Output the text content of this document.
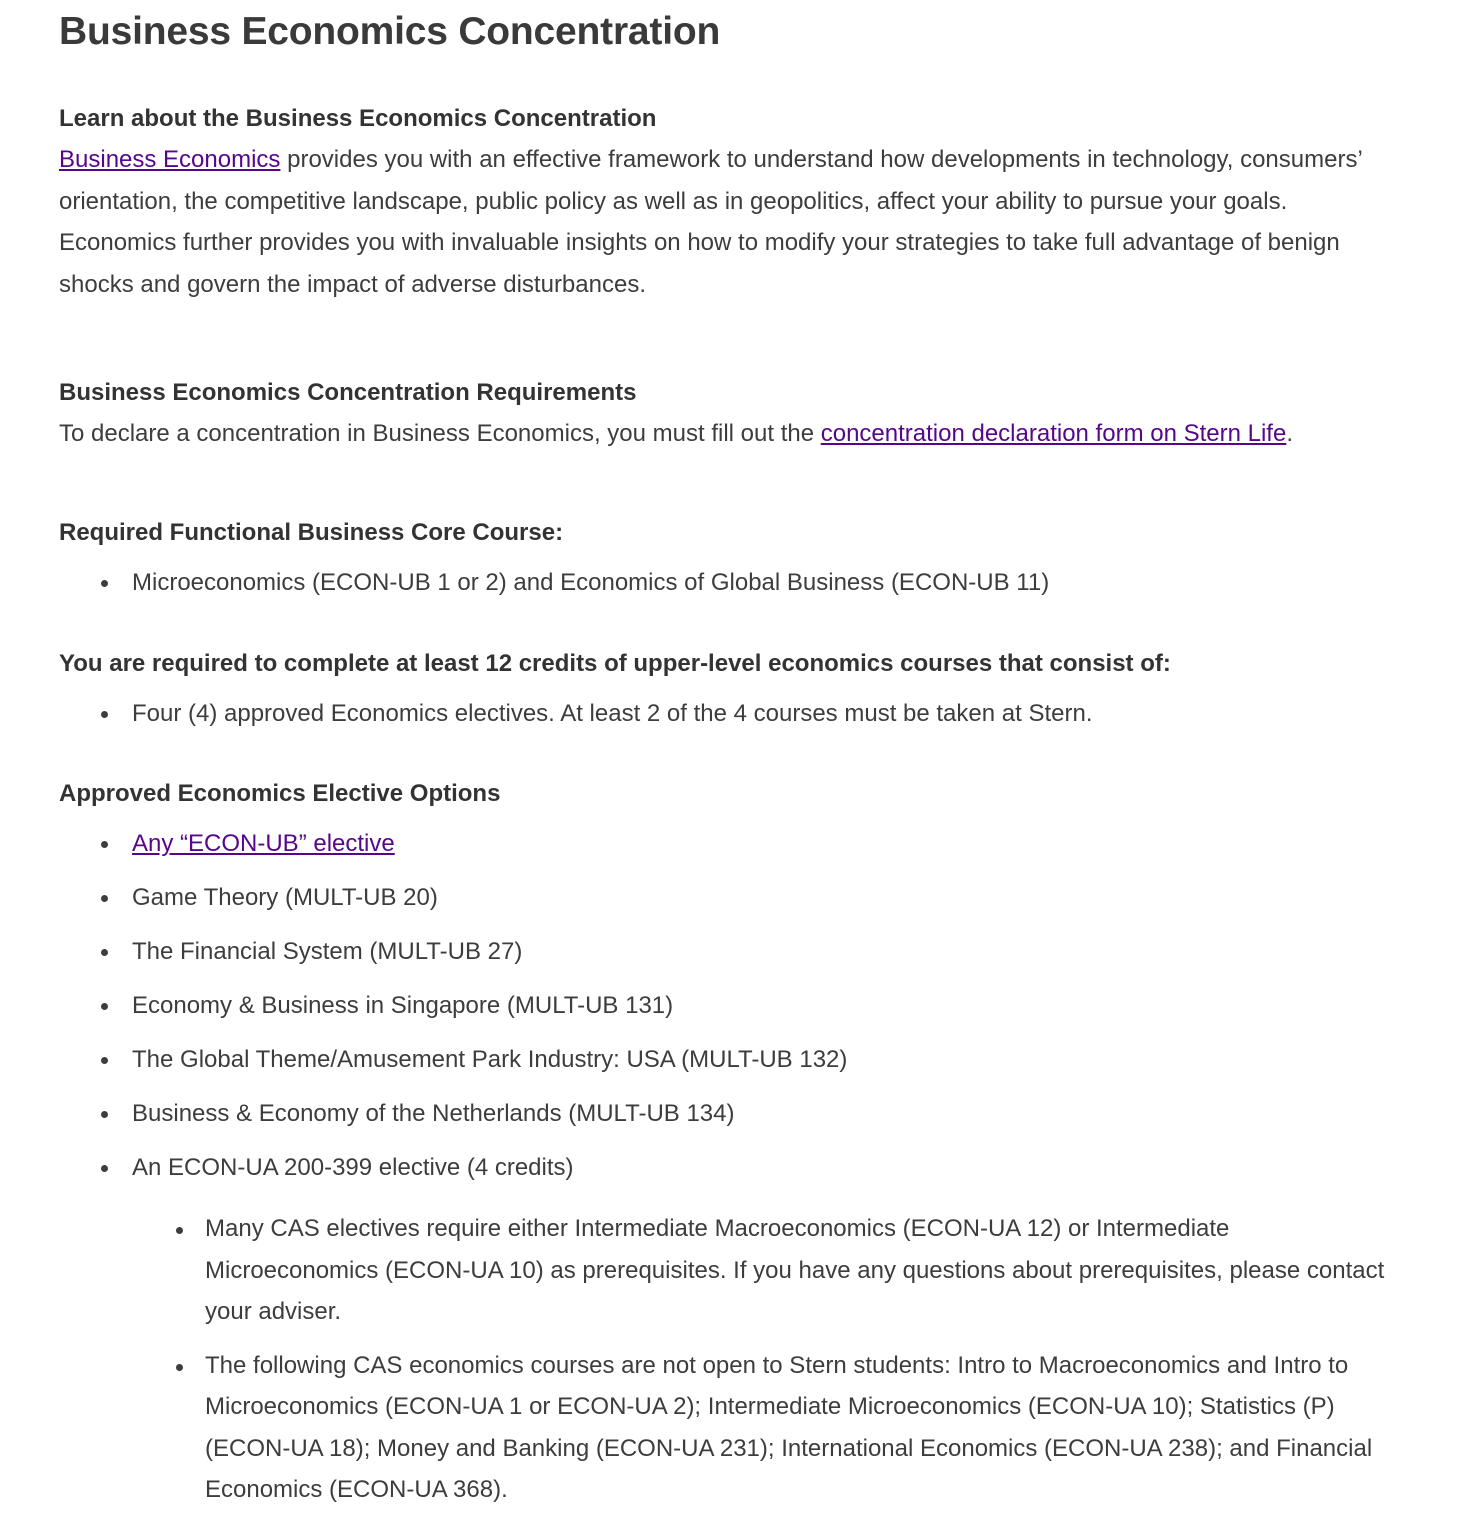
Business Economics Concentration
Learn about the Business Economics Concentration
Business Economics provides you with an effective framework to understand how developments in technology, consumers’ orientation, the competitive landscape, public policy as well as in geopolitics, affect your ability to pursue your goals. Economics further provides you with invaluable insights on how to modify your strategies to take full advantage of benign shocks and govern the impact of adverse disturbances.
Business Economics Concentration Requirements
To declare a concentration in Business Economics, you must fill out the concentration declaration form on Stern Life.
Required Functional Business Core Course:
Microeconomics (ECON-UB 1 or 2) and Economics of Global Business (ECON-UB 11)
You are required to complete at least 12 credits of upper-level economics courses that consist of:
Four (4) approved Economics electives. At least 2 of the 4 courses must be taken at Stern.
Approved Economics Elective Options
Any “ECON-UB” elective
Game Theory (MULT-UB 20)
The Financial System (MULT-UB 27)
Economy & Business in Singapore (MULT-UB 131)
The Global Theme/Amusement Park Industry: USA (MULT-UB 132)
Business & Economy of the Netherlands (MULT-UB 134)
An ECON-UA 200-399 elective (4 credits)
Many CAS electives require either Intermediate Macroeconomics (ECON-UA 12) or Intermediate Microeconomics (ECON-UA 10) as prerequisites. If you have any questions about prerequisites, please contact your adviser.
The following CAS economics courses are not open to Stern students: Intro to Macroeconomics and Intro to Microeconomics (ECON-UA 1 or ECON-UA 2); Intermediate Microeconomics (ECON-UA 10); Statistics (P) (ECON-UA 18); Money and Banking (ECON-UA 231); International Economics (ECON-UA 238); and Financial Economics (ECON-UA 368).
